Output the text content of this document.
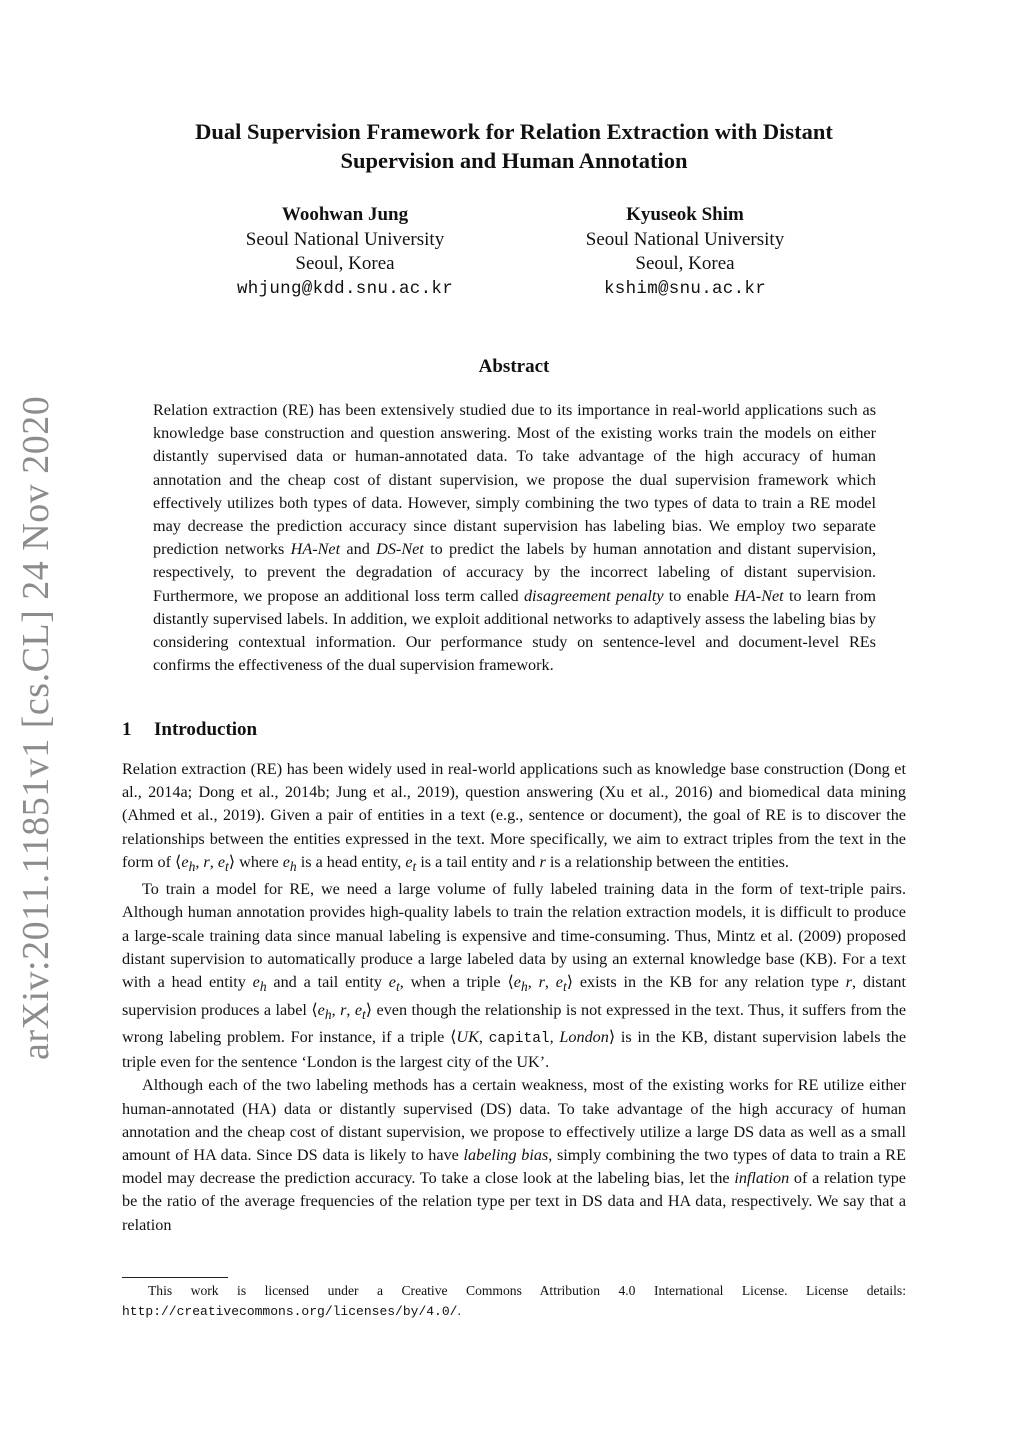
arXiv:2011.11851v1 [cs.CL] 24 Nov 2020
Dual Supervision Framework for Relation Extraction with Distant Supervision and Human Annotation
Woohwan Jung
Seoul National University
Seoul, Korea
whjung@kdd.snu.ac.kr
Kyuseok Shim
Seoul National University
Seoul, Korea
kshim@snu.ac.kr
Abstract
Relation extraction (RE) has been extensively studied due to its importance in real-world applications such as knowledge base construction and question answering. Most of the existing works train the models on either distantly supervised data or human-annotated data. To take advantage of the high accuracy of human annotation and the cheap cost of distant supervision, we propose the dual supervision framework which effectively utilizes both types of data. However, simply combining the two types of data to train a RE model may decrease the prediction accuracy since distant supervision has labeling bias. We employ two separate prediction networks HA-Net and DS-Net to predict the labels by human annotation and distant supervision, respectively, to prevent the degradation of accuracy by the incorrect labeling of distant supervision. Furthermore, we propose an additional loss term called disagreement penalty to enable HA-Net to learn from distantly supervised labels. In addition, we exploit additional networks to adaptively assess the labeling bias by considering contextual information. Our performance study on sentence-level and document-level REs confirms the effectiveness of the dual supervision framework.
1 Introduction

Relation extraction (RE) has been widely used in real-world applications such as knowledge base construction (Dong et al., 2014a; Dong et al., 2014b; Jung et al., 2019), question answering (Xu et al., 2016) and biomedical data mining (Ahmed et al., 2019). Given a pair of entities in a text (e.g., sentence or document), the goal of RE is to discover the relationships between the entities expressed in the text. More specifically, we aim to extract triples from the text in the form of $⟨e_h$, r, $e_t⟩$ where $e_h$ is a head entity, $e_t$ is a tail entity and r is a relationship between the entities.

To train a model for RE, we need a large volume of fully labeled training data in the form of text-triple pairs. Although human annotation provides high-quality labels to train the relation extraction models, it is difficult to produce a large-scale training data since manual labeling is expensive and time-consuming. Thus, Mintz et al. (2009) proposed distant supervision to automatically produce a large labeled data by using an external knowledge base (KB). For a text with a head entity $e_h$ and a tail entity $e_t$, when a triple $⟨e_h$, r, $e_t⟩$ exists in the KB for any relation type r, distant supervision produces a label $⟨e_h$, r, $e_t⟩$ even though the relationship is not expressed in the text. Thus, it suffers from the wrong labeling problem. For instance, if a triple ⟨UK, capital, London⟩ is in the KB, distant supervision labels the triple even for the sentence ‘London is the largest city of the UK’.

Although each of the two labeling methods has a certain weakness, most of the existing works for RE utilize either human-annotated (HA) data or distantly supervised (DS) data. To take advantage of the high accuracy of human annotation and the cheap cost of distant supervision, we propose to effectively utilize a large DS data as well as a small amount of HA data. Since DS data is likely to have labeling bias, simply combining the two types of data to train a RE model may decrease the prediction accuracy. To take a close look at the labeling bias, let the inflation of a relation type be the ratio of the average frequencies of the relation type per text in DS data and HA data, respectively. We say that a relation

This work is licensed under a Creative Commons Attribution 4.0 International License. License details: http://creativecommons.org/licenses/by/4.0/.
